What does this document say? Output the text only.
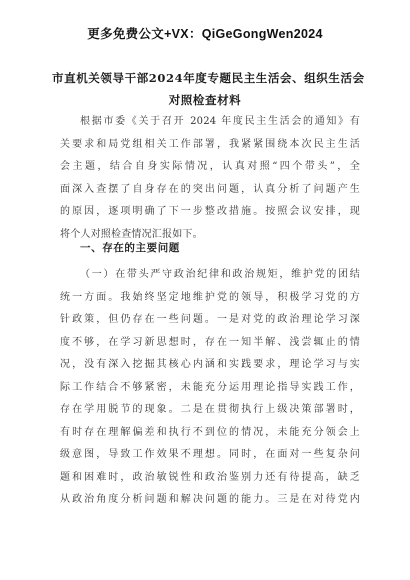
更多免费公文+VX：QiGeGongWen2024
市直机关领导干部2024年度专题民主生活会、组织生活会
对照检查材料
根据市委《关于召开 2024 年度民主生活会的通知》有
关要求和局党组相关工作部署，我紧紧围绕本次民主生活
会主题，结合自身实际情况，认真对照“四个带头”，全
面深入查摆了自身存在的突出问题，认真分析了问题产生
的原因，逐项明确了下一步整改措施。按照会议安排，现
将个人对照检查情况汇报如下。
一、存在的主要问题
（一）在带头严守政治纪律和政治规矩，维护党的团结
统一方面。我始终坚定地维护党的领导，积极学习党的方
针政策，但仍存在一些问题。一是对党的政治理论学习深
度不够，在学习新思想时，存在一知半解、浅尝辄止的情
况，没有深入挖掘其核心内涵和实践要求，理论学习与实
际工作结合不够紧密，未能充分运用理论指导实践工作，
存在学用脱节的现象。二是在贯彻执行上级决策部署时，
有时存在理解偏差和执行不到位的情况，未能充分领会上
级意图，导致工作效果不理想。同时，在面对一些复杂问
题和困难时，政治敏锐性和政治鉴别力还有待提高，缺乏
从政治角度分析问题和解决问题的能力。三是在对待党内
